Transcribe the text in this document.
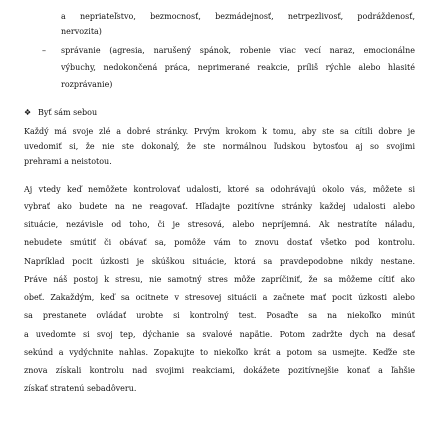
a nepriateľstvo, bezmocnosť, bezmádejnosť, netrpezlivosť, podráždenosť,
nervozita)
– správanie (agresia, narušený spánok, robenie viac vecí naraz, emocionálne
výbuchy, nedokončená práca, neprimerané reakcie, príliš rýchle alebo hlasité
rozprávanie)
❖ Byť sám sebou
Každý má svoje zlé a dobré stránky. Prvým krokom k tomu, aby ste sa cítili dobre je
uvedomiť si, že nie ste dokonalý, že ste normálnou ľudskou bytosťou aj so svojimi
prehrami a neistotou.
Aj vtedy keď nemôžete kontrolovať udalosti, ktoré sa odohrávajú okolo vás, môžete si
vybrať ako budete na ne reagovať. Hľadajte pozitívne stránky každej udalosti alebo
situácie, nezávisle od toho, či je stresová, alebo nepríjemná. Ak nestratíte náladu,
nebudete smútiť či obávať sa, pomôže vám to znovu dostať všetko pod kontrolu.
Napríklad pocit úzkosti je skúškou situácie, ktorá sa pravdepodobne nikdy nestane.
Práve náš postoj k stresu, nie samotný stres môže zapríčiniť, že sa môžeme cítiť ako
obeť. Zakaždým, keď sa ocitnete v stresovej situácii a začnete mať pocit úzkosti alebo
sa prestanete ovládať urobte si kontrolný test. Posaďte sa na niekoľko minút
a uvedomte si svoj tep, dýchanie sa svalové napätie. Potom zadržte dych na desať
sekúnd a vydýchnite nahlas. Zopakujte to niekoľko krát a potom sa usmejte. Keďže ste
znova získali kontrolu nad svojimi reakciami, dokážete pozitívnejšie konať a ľahšie
získať stratenú sebadôveru.
